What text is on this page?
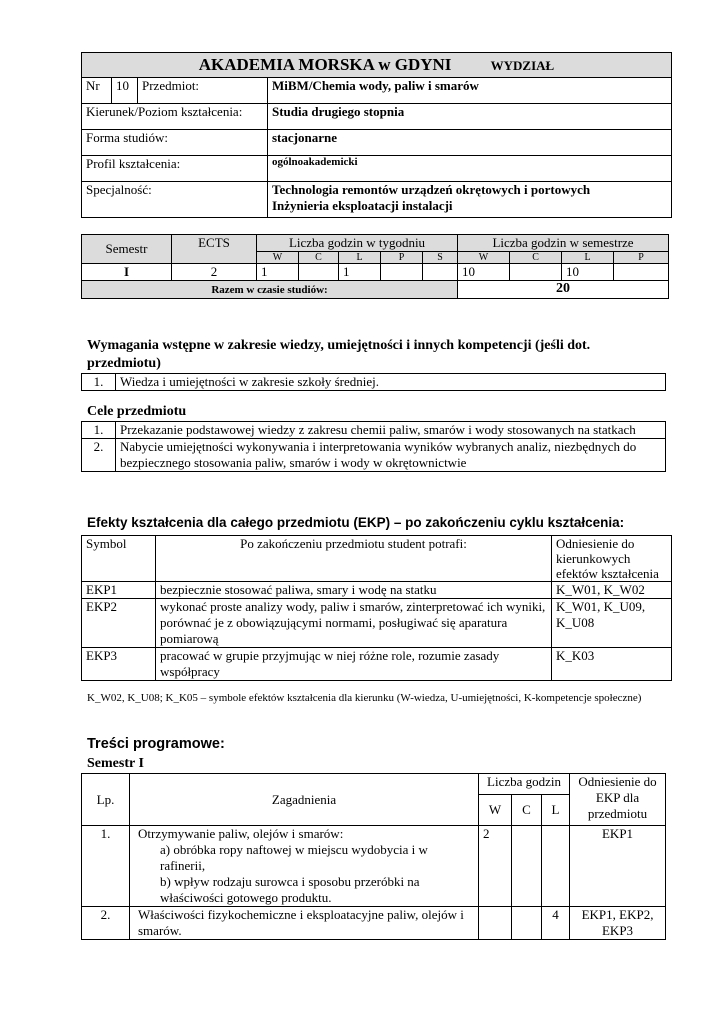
AKADEMIA MORSKA w GDYNI WYDZIAŁ			
Nr	10	Przedmiot:	MiBM/Chemia wody, paliw i smarów
Kierunek/Poziom kształcenia:			Studia drugiego stopnia
Forma studiów:			stacjonarne
Profil kształcenia:			ogólnoakademicki
Specjalność:			Technologia remontów urządzeń okrętowych i portowych
Inżynieria eksploatacji instalacji
Semestr	ECTS	Liczba godzin w tygodniu					Liczba godzin w semestrze			
		W	C	L	P	S	W	C	L	P
I	2	1		1			10		10	
Razem w czasie studiów:							20			
Wymagania wstępne w zakresie wiedzy, umiejętności i innych kompetencji (jeśli dot.
przedmiotu)
1.	Wiedza i umiejętności w zakresie szkoły średniej.
Cele przedmiotu
1.	Przekazanie podstawowej wiedzy z zakresu chemii paliw, smarów i wody stosowanych na statkach
2.	Nabycie umiejętności wykonywania i interpretowania wyników wybranych analiz, niezbędnych do bezpiecznego stosowania paliw, smarów i wody w okrętownictwie
Efekty kształcenia dla całego przedmiotu (EKP) – po zakończeniu cyklu kształcenia:
Symbol	Po zakończeniu przedmiotu student potrafi:	Odniesienie do kierunkowych efektów kształcenia
EKP1	bezpiecznie stosować paliwa, smary i wodę na statku	K_W01, K_W02
EKP2	wykonać proste analizy wody, paliw i smarów, zinterpretować ich wyniki, porównać je z obowiązującymi normami, posługiwać się aparatura pomiarową	K_W01, K_U09, K_U08
EKP3	pracować w grupie przyjmując w niej różne role, rozumie zasady współpracy	K_K03
K_W02, K_U08; K_K05 – symbole efektów kształcenia dla kierunku (W-wiedza, U-umiejętności, K-kompetencje społeczne)
Treści programowe:
Semestr I
Lp.	Zagadnienia	Liczba godzin			Odniesienie do EKP dla przedmiotu
		W	C	L	
1.	Otrzymywanie paliw, olejów i smarów:
a) obróbka ropy naftowej w miejscu wydobycia i w rafinerii,
b) wpływ rodzaju surowca i sposobu przeróbki na właściwości gotowego produktu.	2			EKP1
2.	Właściwości fizykochemiczne i eksploatacyjne paliw, olejów i smarów.			4	EKP1, EKP2, EKP3
